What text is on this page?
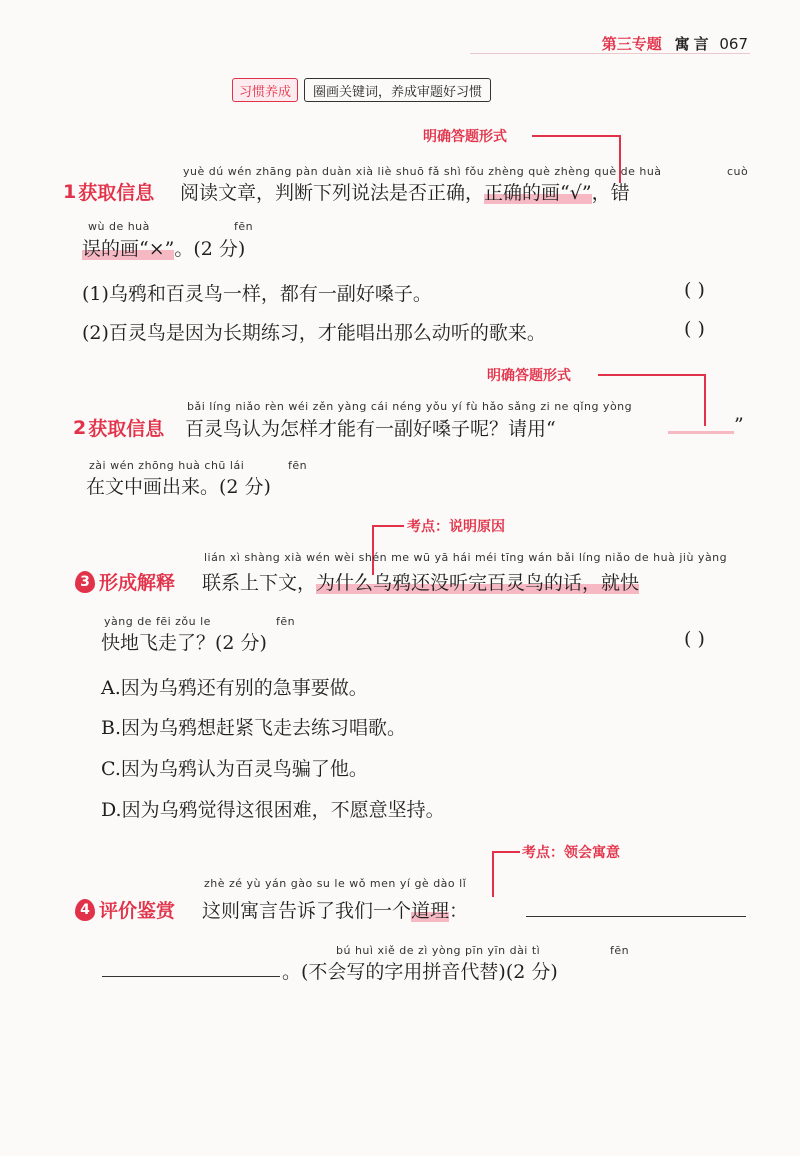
第三专题 寓言 067
习惯养成	圈画关键词，养成审题好习惯
明确答题形式
yuè dú wén zhāng pàn duàn xià liè shuō fǎ shì fǒu zhèng què zhèng què de huà	cuò
1 获取信息 阅读文章，判断下列说法是否正确，正确的画“√”，错
wù de huà	fēn
误的画“×”。(2 分)
(1)乌鸦和百灵鸟一样，都有一副好嗓子。	( )
(2)百灵鸟是因为长期练习，才能唱出那么动听的歌来。	( )
明确答题形式
bǎi líng niǎo rèn wéi zěn yàng cái néng yǒu yí fù hǎo sǎng zi ne qǐng yòng
2 获取信息 百灵鸟认为怎样才能有一副好嗓子呢？请用“	”
zài wén zhōng huà chū lái	fēn
在文中画出来。(2 分)
考点：说明原因
lián xì shàng xià wén wèi shén me wū yā hái méi tīng wán bǎi líng niǎo de huà jiù yàng
3 形成解释 联系上下文，为什么乌鸦还没听完百灵鸟的话，就快
yàng de fēi zǒu le	fēn
快地飞走了？(2 分)	( )
A.因为乌鸦还有别的急事要做。
B.因为乌鸦想赶紧飞走去练习唱歌。
C.因为乌鸦认为百灵鸟骗了他。
D.因为乌鸦觉得这很困难，不愿意坚持。
考点：领会寓意
zhè zé yù yán gào su le wǒ men yí gè dào lǐ
4 评价鉴赏 这则寓言告诉了我们一个道理：
bú huì xiě de zì yòng pīn yīn dài tì	fēn
。(不会写的字用拼音代替)(2 分)
